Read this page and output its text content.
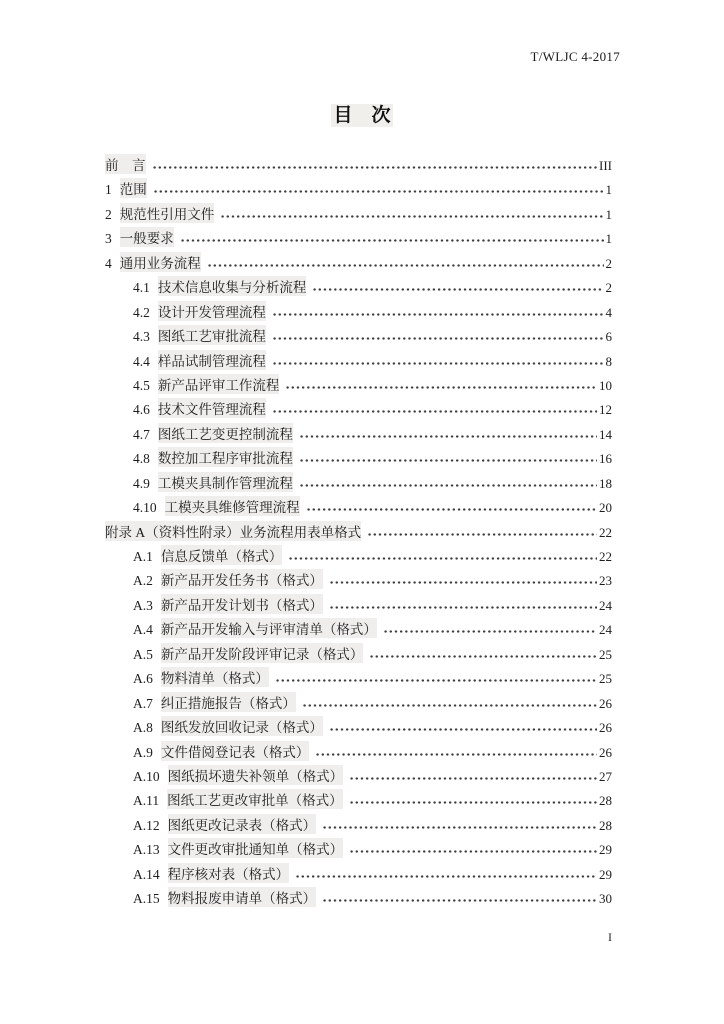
T/WLJC 4-2017
目　次
前　言	III
1 范围	1
2 规范性引用文件	1
3 一般要求	1
4 通用业务流程	2
4.1 技术信息收集与分析流程	2
4.2 设计开发管理流程	4
4.3 图纸工艺审批流程	6
4.4 样品试制管理流程	8
4.5 新产品评审工作流程	10
4.6 技术文件管理流程	12
4.7 图纸工艺变更控制流程	14
4.8 数控加工程序审批流程	16
4.9 工模夹具制作管理流程	18
4.10 工模夹具维修管理流程	20
附录 A（资料性附录）业务流程用表单格式	22
A.1 信息反馈单（格式）	22
A.2 新产品开发任务书（格式）	23
A.3 新产品开发计划书（格式）	24
A.4 新产品开发输入与评审清单（格式）	24
A.5 新产品开发阶段评审记录（格式）	25
A.6 物料清单（格式）	25
A.7 纠正措施报告（格式）	26
A.8 图纸发放回收记录（格式）	26
A.9 文件借阅登记表（格式）	26
A.10 图纸损坏遗失补领单（格式）	27
A.11 图纸工艺更改审批单（格式）	28
A.12 图纸更改记录表（格式）	28
A.13 文件更改审批通知单（格式）	29
A.14 程序核对表（格式）	29
A.15 物料报废申请单（格式）	30
I
